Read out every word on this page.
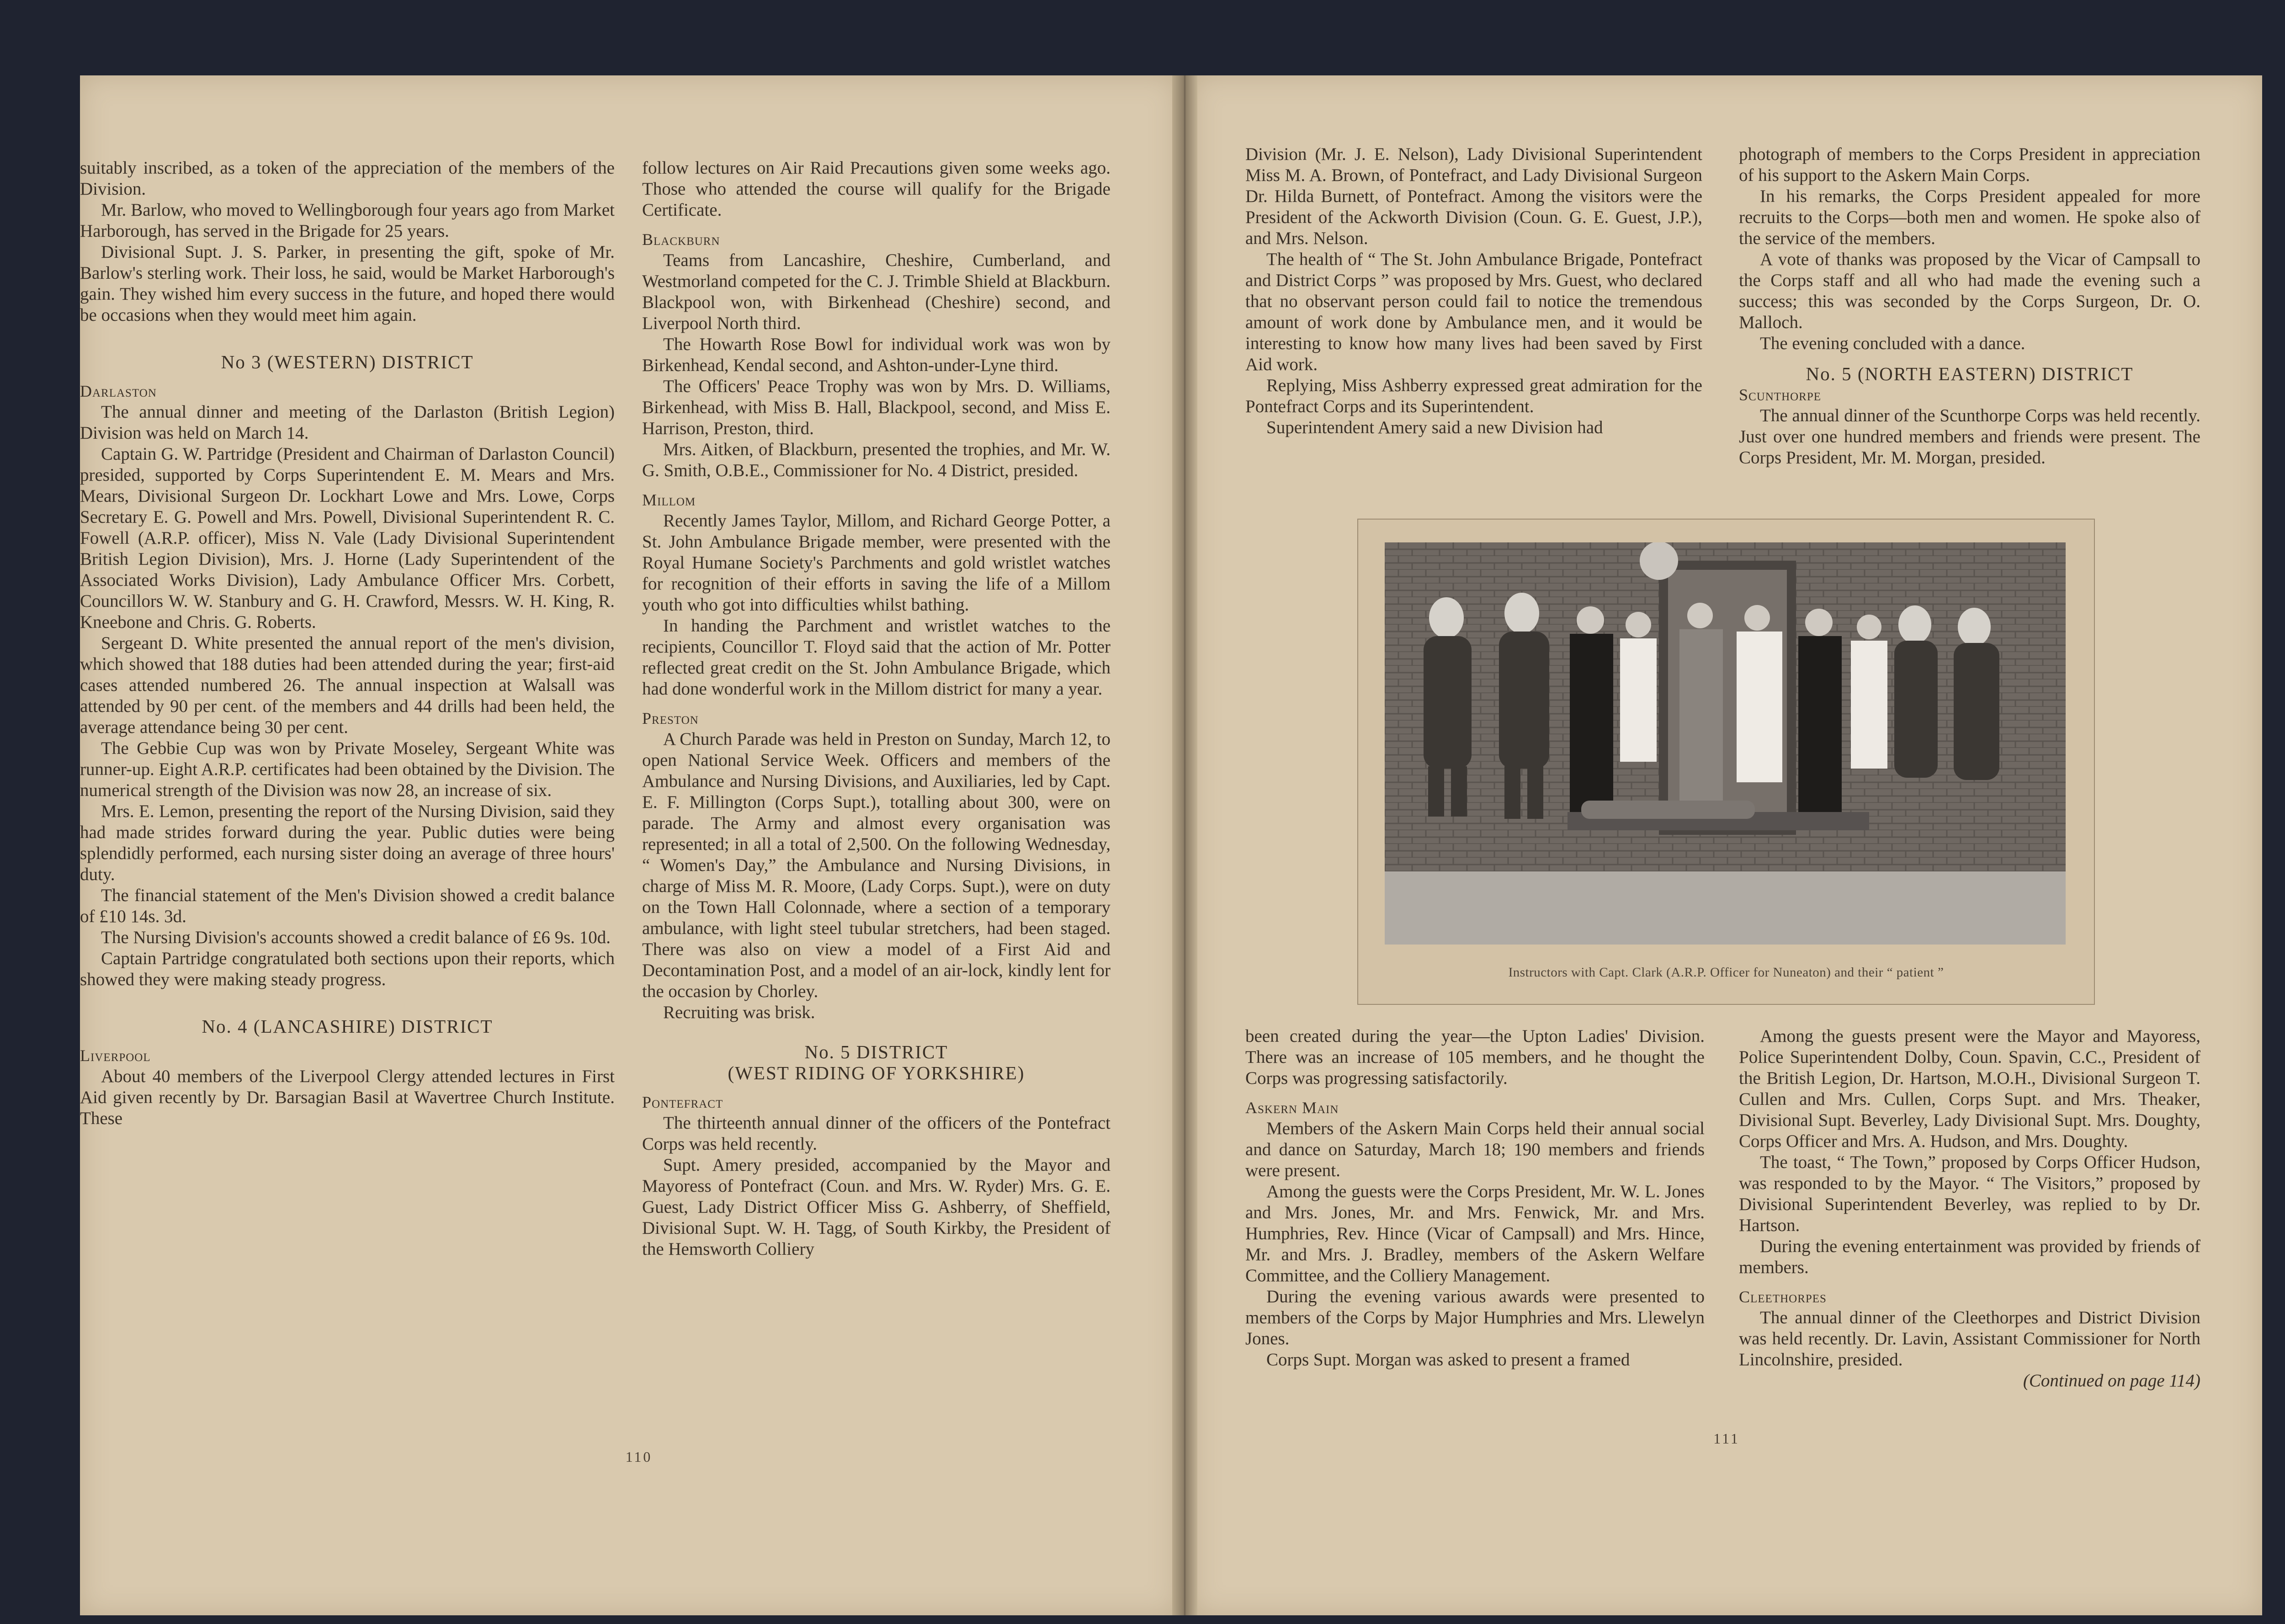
suitably inscribed, as a token of the appreciation of the members of the Division.

Mr. Barlow, who moved to Wellingborough four years ago from Market Harborough, has served in the Brigade for 25 years.

Divisional Supt. J. S. Parker, in presenting the gift, spoke of Mr. Barlow's sterling work. Their loss, he said, would be Market Harborough's gain. They wished him every success in the future, and hoped there would be occasions when they would meet him again.

No 3 (WESTERN) DISTRICT

Darlaston

The annual dinner and meeting of the Darlaston (British Legion) Division was held on March 14.

Captain G. W. Partridge (President and Chairman of Darlaston Council) presided, supported by Corps Superintendent E. M. Mears and Mrs. Mears, Divisional Surgeon Dr. Lockhart Lowe and Mrs. Lowe, Corps Secretary E. G. Powell and Mrs. Powell, Divisional Superintendent R. C. Fowell (A.R.P. officer), Miss N. Vale (Lady Divisional Superintendent British Legion Division), Mrs. J. Horne (Lady Superintendent of the Associated Works Division), Lady Ambulance Officer Mrs. Corbett, Councillors W. W. Stanbury and G. H. Crawford, Messrs. W. H. King, R. Kneebone and Chris. G. Roberts.

Sergeant D. White presented the annual report of the men's division, which showed that 188 duties had been attended during the year; first-aid cases attended numbered 26. The annual inspection at Walsall was attended by 90 per cent. of the members and 44 drills had been held, the average attendance being 30 per cent.

The Gebbie Cup was won by Private Moseley, Sergeant White was runner-up. Eight A.R.P. certificates had been obtained by the Division. The numerical strength of the Division was now 28, an increase of six.

Mrs. E. Lemon, presenting the report of the Nursing Division, said they had made strides forward during the year. Public duties were being splendidly performed, each nursing sister doing an average of three hours' duty.

The financial statement of the Men's Division showed a credit balance of £10 14s. 3d.

The Nursing Division's accounts showed a credit balance of £6 9s. 10d.

Captain Partridge congratulated both sections upon their reports, which showed they were making steady progress.

No. 4 (LANCASHIRE) DISTRICT

Liverpool

About 40 members of the Liverpool Clergy attended lectures in First Aid given recently by Dr. Barsagian Basil at Wavertree Church Institute. These

follow lectures on Air Raid Precautions given some weeks ago. Those who attended the course will qualify for the Brigade Certificate.

Blackburn

Teams from Lancashire, Cheshire, Cumberland, and Westmorland competed for the C. J. Trimble Shield at Blackburn. Blackpool won, with Birkenhead (Cheshire) second, and Liverpool North third.

The Howarth Rose Bowl for individual work was won by Birkenhead, Kendal second, and Ashton-under-Lyne third.

The Officers' Peace Trophy was won by Mrs. D. Williams, Birkenhead, with Miss B. Hall, Blackpool, second, and Miss E. Harrison, Preston, third.

Mrs. Aitken, of Blackburn, presented the trophies, and Mr. W. G. Smith, O.B.E., Commissioner for No. 4 District, presided.

Millom

Recently James Taylor, Millom, and Richard George Potter, a St. John Ambulance Brigade member, were presented with the Royal Humane Society's Parchments and gold wristlet watches for recognition of their efforts in saving the life of a Millom youth who got into difficulties whilst bathing.

In handing the Parchment and wristlet watches to the recipients, Councillor T. Floyd said that the action of Mr. Potter reflected great credit on the St. John Ambulance Brigade, which had done wonderful work in the Millom district for many a year.

Preston

A Church Parade was held in Preston on Sunday, March 12, to open National Service Week. Officers and members of the Ambulance and Nursing Divisions, and Auxiliaries, led by Capt. E. F. Millington (Corps Supt.), totalling about 300, were on parade. The Army and almost every organisation was represented; in all a total of 2,500. On the following Wednesday, “ Women's Day,” the Ambulance and Nursing Divisions, in charge of Miss M. R. Moore, (Lady Corps. Supt.), were on duty on the Town Hall Colonnade, where a section of a temporary ambulance, with light steel tubular stretchers, had been staged. There was also on view a model of a First Aid and Decontamination Post, and a model of an air-lock, kindly lent for the occasion by Chorley.

Recruiting was brisk.

No. 5 DISTRICT

(WEST RIDING OF YORKSHIRE)

Pontefract

The thirteenth annual dinner of the officers of the Pontefract Corps was held recently.

Supt. Amery presided, accompanied by the Mayor and Mayoress of Pontefract (Coun. and Mrs. W. Ryder) Mrs. G. E. Guest, Lady District Officer Miss G. Ashberry, of Sheffield, Divisional Supt. W. H. Tagg, of South Kirkby, the President of the Hemsworth Colliery

110

Division (Mr. J. E. Nelson), Lady Divisional Superintendent Miss M. A. Brown, of Pontefract, and Lady Divisional Surgeon Dr. Hilda Burnett, of Pontefract. Among the visitors were the President of the Ackworth Division (Coun. G. E. Guest, J.P.), and Mrs. Nelson.

The health of “ The St. John Ambulance Brigade, Pontefract and District Corps ” was proposed by Mrs. Guest, who declared that no observant person could fail to notice the tremendous amount of work done by Ambulance men, and it would be interesting to know how many lives had been saved by First Aid work.

Replying, Miss Ashberry expressed great admiration for the Pontefract Corps and its Superintendent.

Superintendent Amery said a new Division had

photograph of members to the Corps President in appreciation of his support to the Askern Main Corps.

In his remarks, the Corps President appealed for more recruits to the Corps—both men and women. He spoke also of the service of the members.

A vote of thanks was proposed by the Vicar of Campsall to the Corps staff and all who had made the evening such a success; this was seconded by the Corps Surgeon, Dr. O. Malloch.

The evening concluded with a dance.

No. 5 (NORTH EASTERN) DISTRICT

Scunthorpe

The annual dinner of the Scunthorpe Corps was held recently. Just over one hundred members and friends were present. The Corps President, Mr. M. Morgan, presided.

Instructors with Capt. Clark (A.R.P. Officer for Nuneaton) and their “ patient ”

been created during the year—the Upton Ladies' Division. There was an increase of 105 members, and he thought the Corps was progressing satisfactorily.

Askern Main

Members of the Askern Main Corps held their annual social and dance on Saturday, March 18; 190 members and friends were present.

Among the guests were the Corps President, Mr. W. L. Jones and Mrs. Jones, Mr. and Mrs. Fenwick, Mr. and Mrs. Humphries, Rev. Hince (Vicar of Campsall) and Mrs. Hince, Mr. and Mrs. J. Bradley, members of the Askern Welfare Committee, and the Colliery Management.

During the evening various awards were presented to members of the Corps by Major Humphries and Mrs. Llewelyn Jones.

Corps Supt. Morgan was asked to present a framed

Among the guests present were the Mayor and Mayoress, Police Superintendent Dolby, Coun. Spavin, C.C., President of the British Legion, Dr. Hartson, M.O.H., Divisional Surgeon T. Cullen and Mrs. Cullen, Corps Supt. and Mrs. Theaker, Divisional Supt. Beverley, Lady Divisional Supt. Mrs. Doughty, Corps Officer and Mrs. A. Hudson, and Mrs. Doughty.

The toast, “ The Town,” proposed by Corps Officer Hudson, was responded to by the Mayor. “ The Visitors,” proposed by Divisional Superintendent Beverley, was replied to by Dr. Hartson.

During the evening entertainment was provided by friends of members.

Cleethorpes

The annual dinner of the Cleethorpes and District Division was held recently. Dr. Lavin, Assistant Commissioner for North Lincolnshire, presided.

(Continued on page 114)

111
